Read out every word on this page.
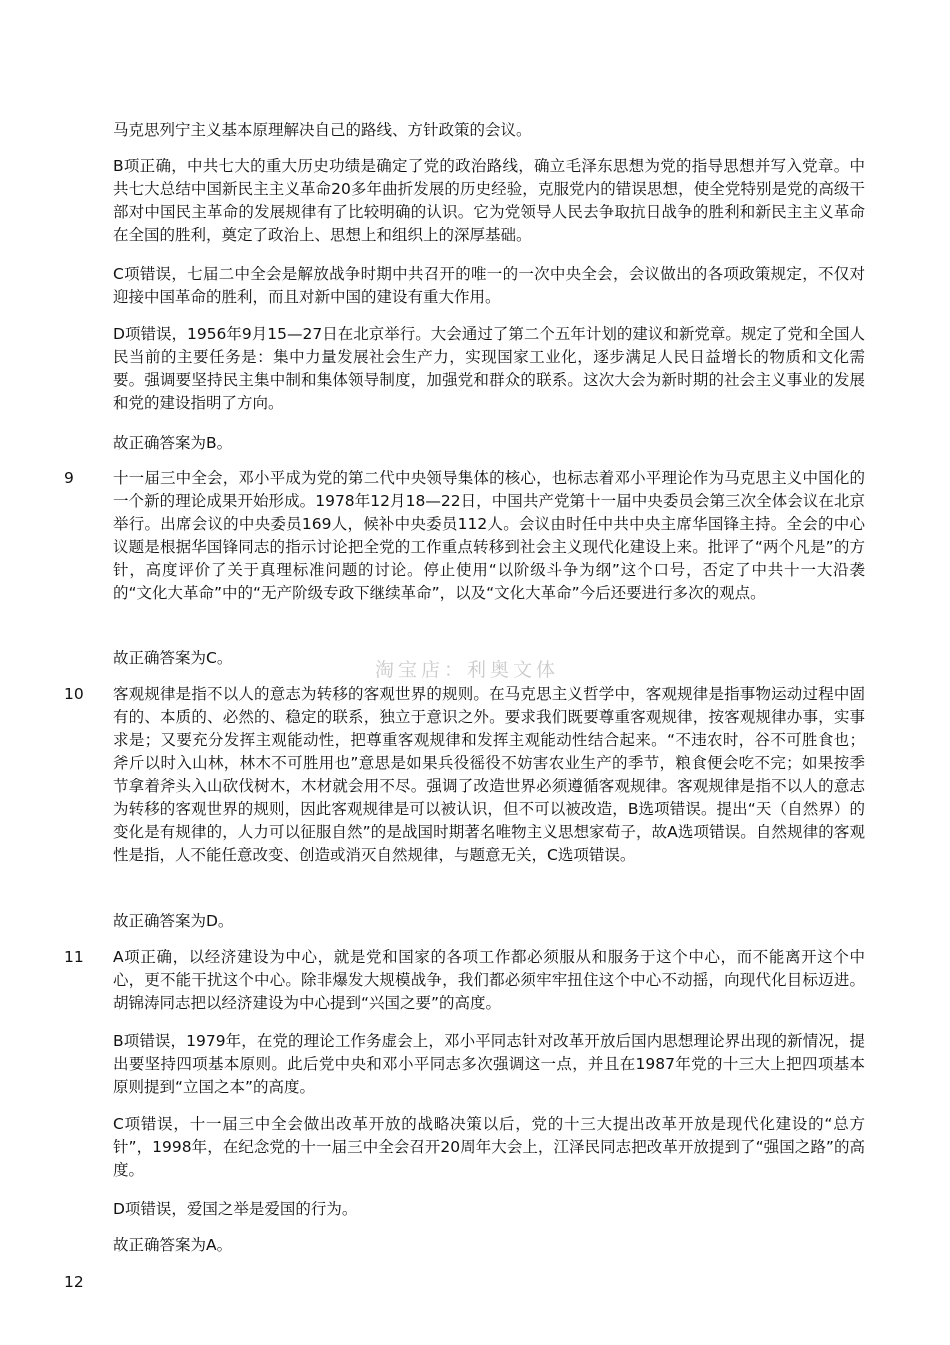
马克思列宁主义基本原理解决自己的路线、方针政策的会议。

B项正确，中共七大的重大历史功绩是确定了党的政治路线，确立毛泽东思想为党的指导思想并写入党章。中共七大总结中国新民主主义革命20多年曲折发展的历史经验，克服党内的错误思想，使全党特别是党的高级干部对中国民主革命的发展规律有了比较明确的认识。它为党领导人民去争取抗日战争的胜利和新民主主义革命在全国的胜利，奠定了政治上、思想上和组织上的深厚基础。

C项错误，七届二中全会是解放战争时期中共召开的唯一的一次中央全会，会议做出的各项政策规定，不仅对迎接中国革命的胜利，而且对新中国的建设有重大作用。

D项错误，1956年9月15—27日在北京举行。大会通过了第二个五年计划的建议和新党章。规定了党和全国人民当前的主要任务是：集中力量发展社会生产力，实现国家工业化，逐步满足人民日益增长的物质和文化需要。强调要坚持民主集中制和集体领导制度，加强党和群众的联系。这次大会为新时期的社会主义事业的发展和党的建设指明了方向。

故正确答案为B。

9	十一届三中全会，邓小平成为党的第二代中央领导集体的核心，也标志着邓小平理论作为马克思主义中国化的一个新的理论成果开始形成。1978年12月18—22日，中国共产党第十一届中央委员会第三次全体会议在北京举行。出席会议的中央委员169人，候补中央委员112人。会议由时任中共中央主席华国锋主持。全会的中心议题是根据华国锋同志的指示讨论把全党的工作重点转移到社会主义现代化建设上来。批评了“两个凡是”的方针，高度评价了关于真理标准问题的讨论。停止使用“以阶级斗争为纲”这个口号，否定了中共十一大沿袭的“文化大革命”中的“无产阶级专政下继续革命”，以及“文化大革命”今后还要进行多次的观点。

故正确答案为C。

淘宝店：利奥文体

10 客观规律是指不以人的意志为转移的客观世界的规则。在马克思主义哲学中，客观规律是指事物运动过程中固有的、本质的、必然的、稳定的联系，独立于意识之外。要求我们既要尊重客观规律，按客观规律办事，实事求是；又要充分发挥主观能动性，把尊重客观规律和发挥主观能动性结合起来。“不违农时，谷不可胜食也；斧斤以时入山林，林木不可胜用也”意思是如果兵役徭役不妨害农业生产的季节，粮食便会吃不完；如果按季节拿着斧头入山砍伐树木，木材就会用不尽。强调了改造世界必须遵循客观规律。客观规律是指不以人的意志为转移的客观世界的规则，因此客观规律是可以被认识，但不可以被改造，B选项错误。提出“天（自然界）的变化是有规律的，人力可以征服自然”的是战国时期著名唯物主义思想家荀子，故A选项错误。自然规律的客观性是指，人不能任意改变、创造或消灭自然规律，与题意无关，C选项错误。

故正确答案为D。

11 A项正确，以经济建设为中心，就是党和国家的各项工作都必须服从和服务于这个中心，而不能离开这个中心，更不能干扰这个中心。除非爆发大规模战争，我们都必须牢牢扭住这个中心不动摇，向现代化目标迈进。胡锦涛同志把以经济建设为中心提到“兴国之要”的高度。

B项错误，1979年，在党的理论工作务虚会上，邓小平同志针对改革开放后国内思想理论界出现的新情况，提出要坚持四项基本原则。此后党中央和邓小平同志多次强调这一点，并且在1987年党的十三大上把四项基本原则提到“立国之本”的高度。

C项错误，十一届三中全会做出改革开放的战略决策以后，党的十三大提出改革开放是现代化建设的“总方针”，1998年，在纪念党的十一届三中全会召开20周年大会上，江泽民同志把改革开放提到了“强国之路”的高度。

D项错误，爱国之举是爱国的行为。

故正确答案为A。

12
